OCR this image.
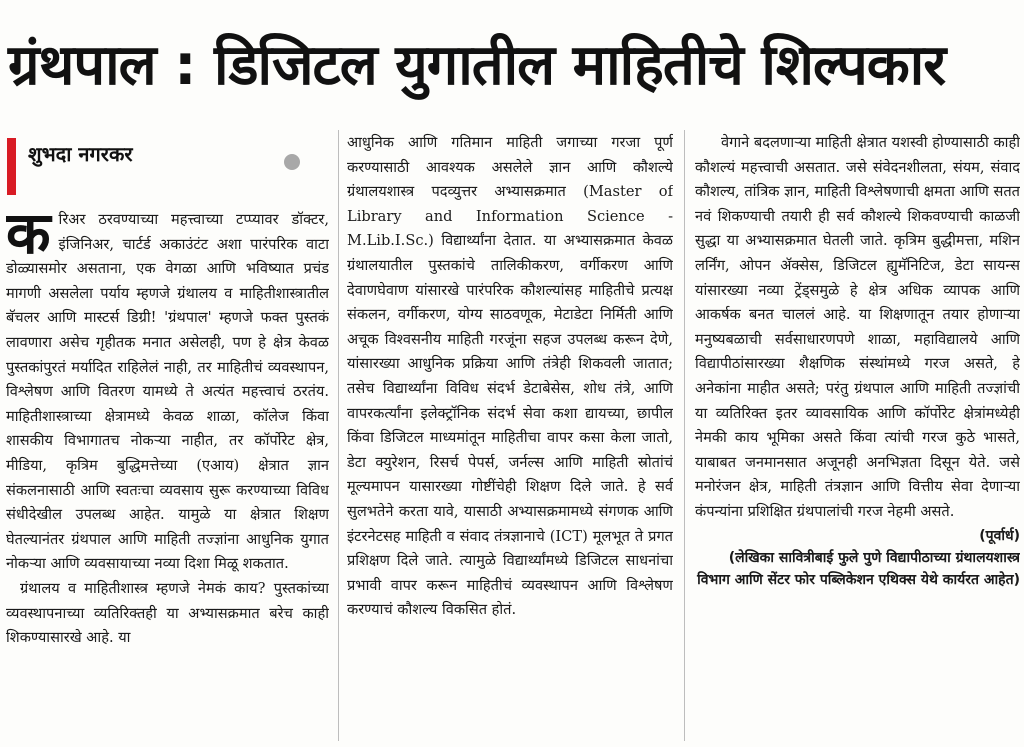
ग्रंथपाल : डिजिटल युगातील माहितीचे शिल्पकार
शुभदा नगरकर
क रिअर ठरवण्याच्या महत्त्वाच्या टप्प्यावर डॉक्टर, इंजिनिअर, चार्टर्ड अकाउंटंट अशा पारंपरिक वाटा डोळ्यासमोर असताना, एक वेगळा आणि भविष्यात प्रचंड मागणी असलेला पर्याय म्हणजे ग्रंथालय व माहितीशास्त्रातील बॅचलर आणि मास्टर्स डिग्री! 'ग्रंथपाल' म्हणजे फक्त पुस्तकं लावणारा असेच गृहीतक मनात असेलही, पण हे क्षेत्र केवळ पुस्तकांपुरतं मर्यादित राहिलेलं नाही, तर माहितीचं व्यवस्थापन, विश्लेषण आणि वितरण यामध्ये ते अत्यंत महत्त्वाचं ठरतंय. माहितीशास्त्राच्या क्षेत्रामध्ये केवळ शाळा, कॉलेज किंवा शासकीय विभागातच नोकऱ्या नाहीत, तर कॉर्पोरेट क्षेत्र, मीडिया, कृत्रिम बुद्धिमत्तेच्या (एआय) क्षेत्रात ज्ञान संकलनासाठी आणि स्वतःचा व्यवसाय सुरू करण्याच्या विविध संधीदेखील उपलब्ध आहेत. यामुळे या क्षेत्रात शिक्षण घेतल्यानंतर ग्रंथपाल आणि माहिती तज्ज्ञांना आधुनिक युगात नोकऱ्या आणि व्यवसायाच्या नव्या दिशा मिळू शकतात.

ग्रंथालय व माहितीशास्त्र म्हणजे नेमकं काय? पुस्तकांच्या व्यवस्थापनाच्या व्यतिरिक्तही या अभ्यासक्रमात बरेच काही शिकण्यासारखे आहे. या

आधुनिक आणि गतिमान माहिती जगाच्या गरजा पूर्ण करण्यासाठी आवश्यक असलेले ज्ञान आणि कौशल्ये ग्रंथालयशास्त्र पदव्युत्तर अभ्यासक्रमात (Master of Library and Information Science - M.Lib.I.Sc.) विद्यार्थ्यांना देतात. या अभ्यासक्रमात केवळ ग्रंथालयातील पुस्तकांचे तालिकीकरण, वर्गीकरण आणि देवाणघेवाण यांसारखे पारंपरिक कौशल्यांसह माहितीचे प्रत्यक्ष संकलन, वर्गीकरण, योग्य साठवणूक, मेटाडेटा निर्मिती आणि अचूक विश्वसनीय माहिती गरजूंना सहज उपलब्ध करून देणे, यांसारख्या आधुनिक प्रक्रिया आणि तंत्रेही शिकवली जातात; तसेच विद्यार्थ्यांना विविध संदर्भ डेटाबेसेस, शोध तंत्रे, आणि वापरकर्त्यांना इलेक्ट्रॉनिक संदर्भ सेवा कशा द्यायच्या, छापील किंवा डिजिटल माध्यमांतून माहितीचा वापर कसा केला जातो, डेटा क्युरेशन, रिसर्च पेपर्स, जर्नल्स आणि माहिती स्रोतांचं मूल्यमापन यासारख्या गोष्टींचेही शिक्षण दिले जाते. हे सर्व सुलभतेने करता यावे, यासाठी अभ्यासक्रमामध्ये संगणक आणि इंटरनेटसह माहिती व संवाद तंत्रज्ञानाचे (ICT) मूलभूत ते प्रगत प्रशिक्षण दिले जाते. त्यामुळे विद्यार्थ्यांमध्ये डिजिटल साधनांचा प्रभावी वापर करून माहितीचं व्यवस्थापन आणि विश्लेषण करण्याचं कौशल्य विकसित होतं.

वेगाने बदलणाऱ्या माहिती क्षेत्रात यशस्वी होण्यासाठी काही कौशल्यं महत्त्वाची असतात. जसे संवेदनशीलता, संयम, संवाद कौशल्य, तांत्रिक ज्ञान, माहिती विश्लेषणाची क्षमता आणि सतत नवं शिकण्याची तयारी ही सर्व कौशल्ये शिकवण्याची काळजी सुद्धा या अभ्यासक्रमात घेतली जाते. कृत्रिम बुद्धीमत्ता, मशिन लर्निंग, ओपन ॲक्सेस, डिजिटल ह्युमॅनिटिज, डेटा सायन्स यांसारख्या नव्या ट्रेंड्समुळे हे क्षेत्र अधिक व्यापक आणि आकर्षक बनत चाललं आहे. या शिक्षणातून तयार होणाऱ्या मनुष्यबळाची सर्वसाधारणपणे शाळा, महाविद्यालये आणि विद्यापीठांसारख्या शैक्षणिक संस्थांमध्ये गरज असते, हे अनेकांना माहीत असते; परंतु ग्रंथपाल आणि माहिती तज्ज्ञांची या व्यतिरिक्त इतर व्यावसायिक आणि कॉर्पोरेट क्षेत्रांमध्येही नेमकी काय भूमिका असते किंवा त्यांची गरज कुठे भासते, याबाबत जनमानसात अजूनही अनभिज्ञता दिसून येते. जसे मनोरंजन क्षेत्र, माहिती तंत्रज्ञान आणि वित्तीय सेवा देणाऱ्या कंपन्यांना प्रशिक्षित ग्रंथपालांची गरज नेहमी असते.

(पूर्वार्ध)
(लेखिका सावित्रीबाई फुले पुणे विद्यापीठाच्या ग्रंथालयशास्त्र विभाग आणि सेंटर फोर पब्लिकेशन एथिक्स येथे कार्यरत आहेत)
